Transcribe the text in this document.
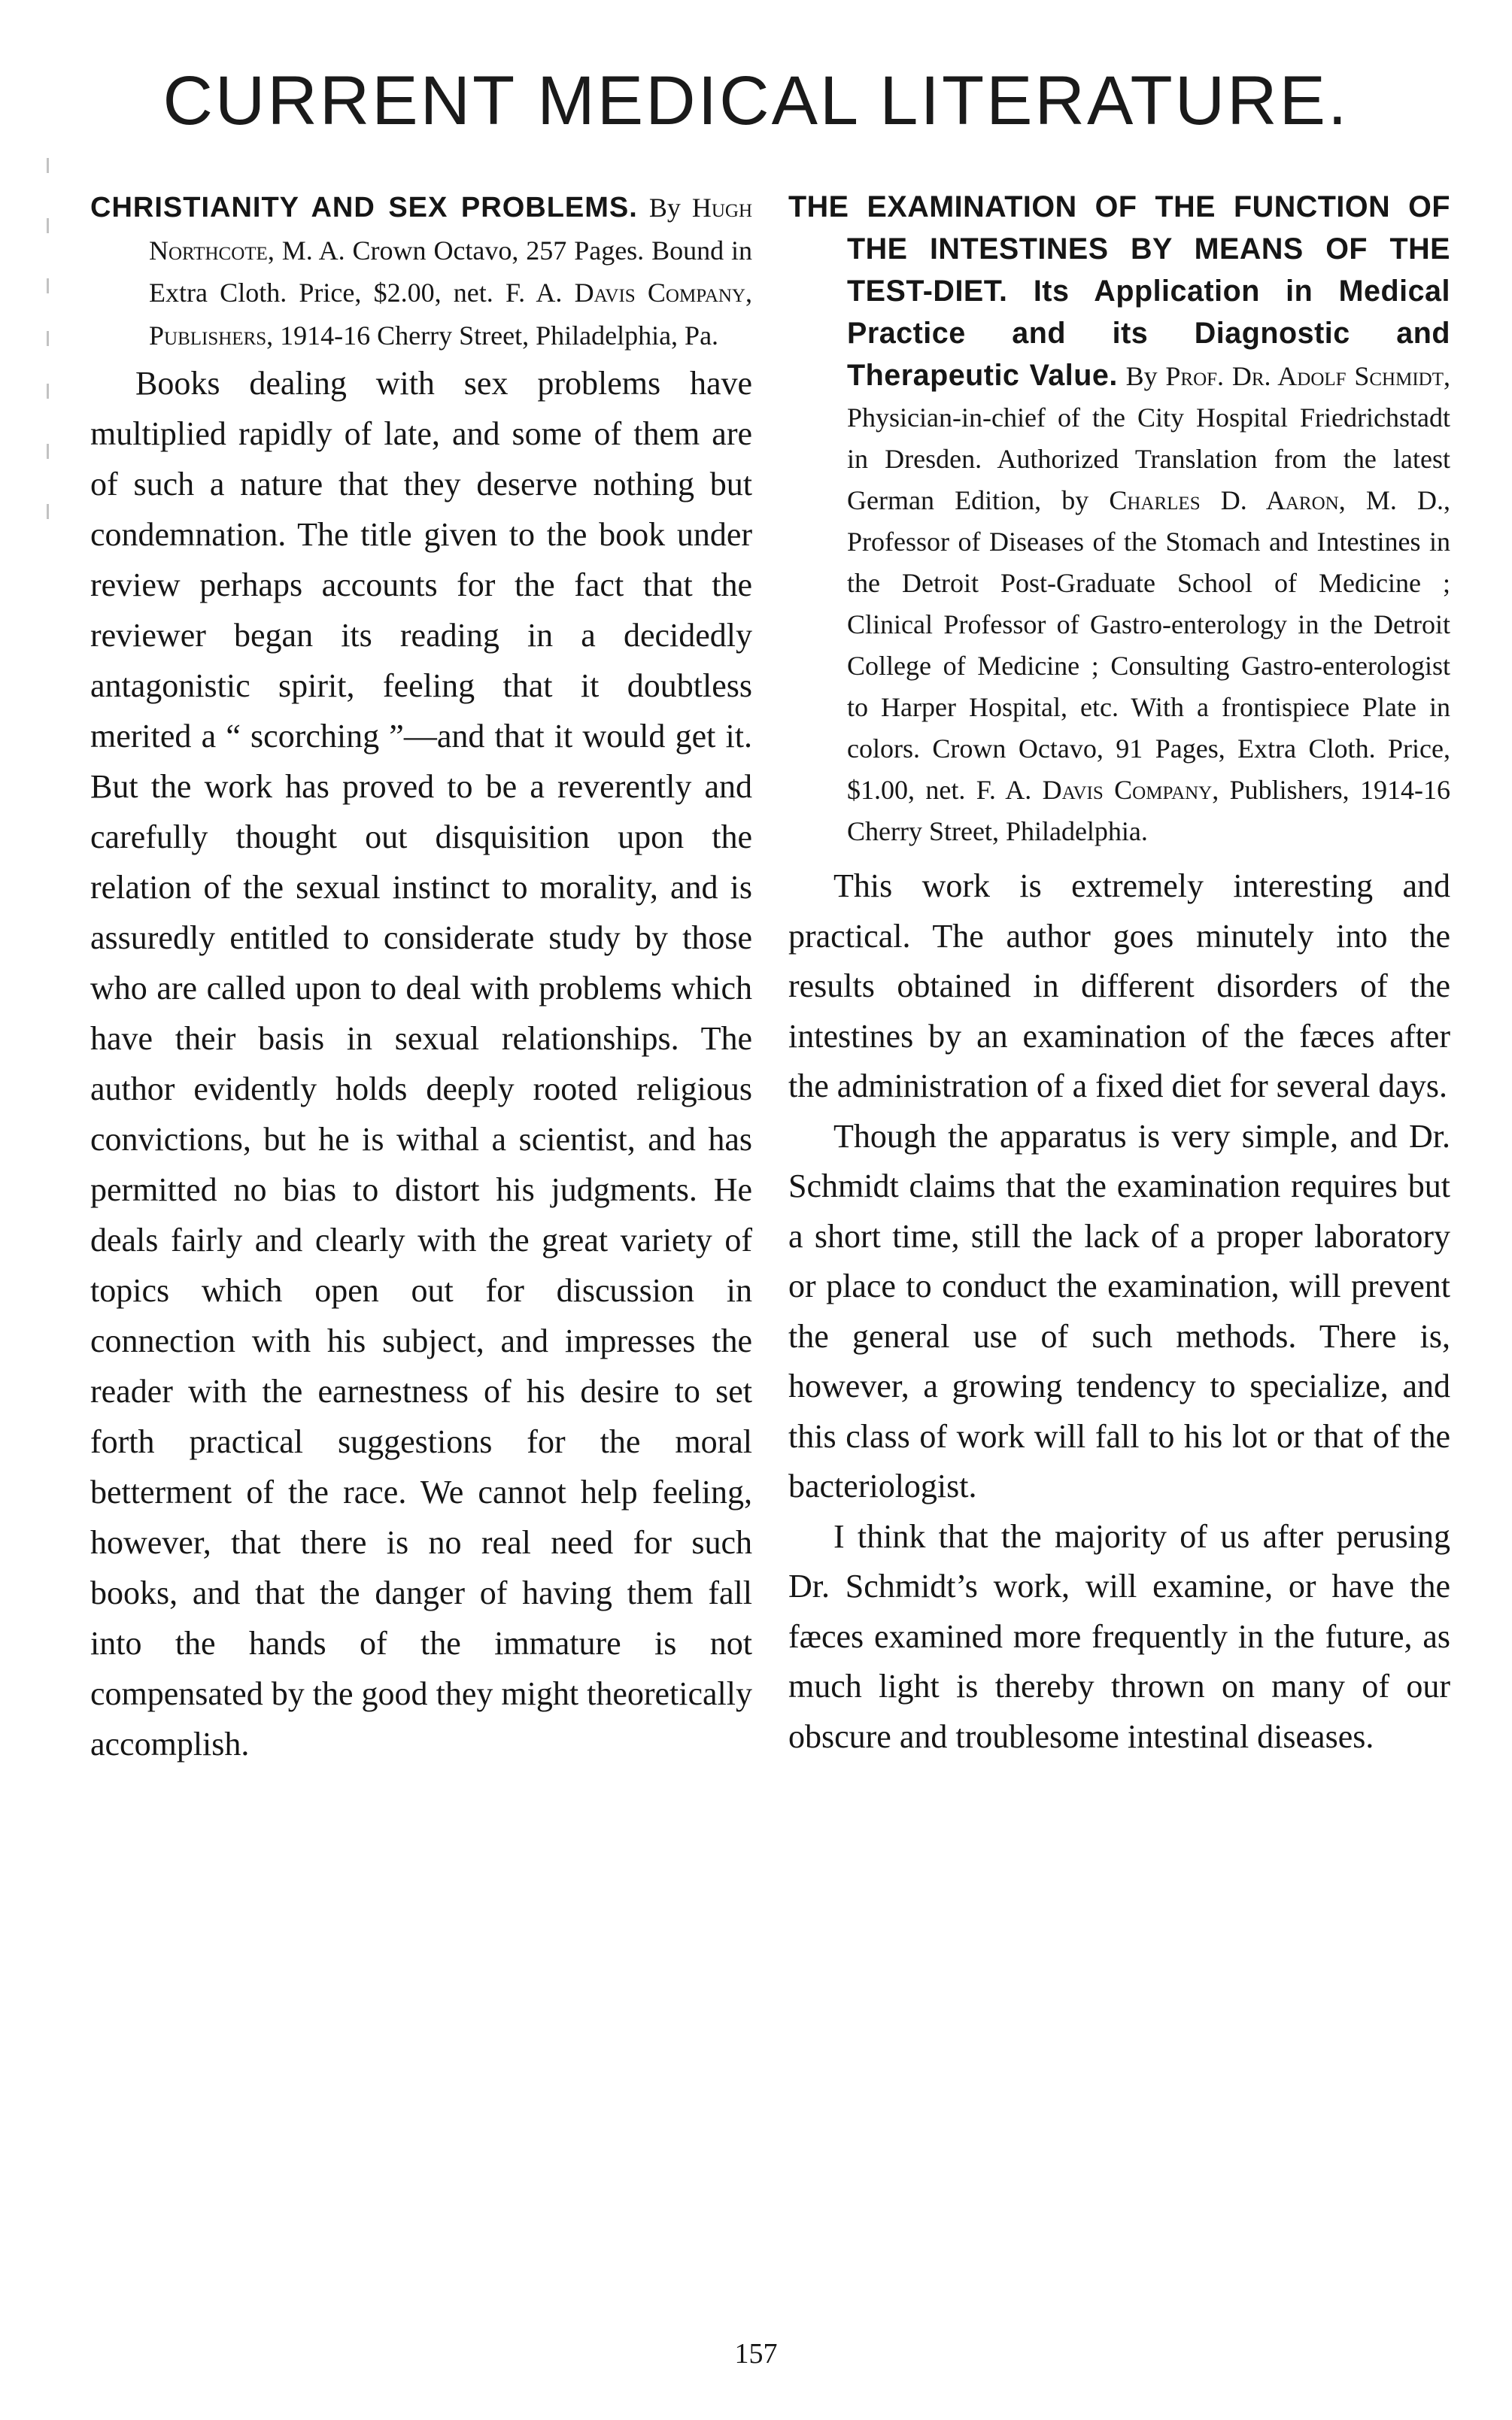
CURRENT MEDICAL LITERATURE.

CHRISTIANITY AND SEX PROBLEMS. By Hugh Northcote, M. A. Crown Octavo, 257 Pages. Bound in Extra Cloth. Price, $2.00, net. F. A. Davis Company, Publishers, 1914-16 Cherry Street, Philadelphia, Pa.

Books dealing with sex problems have multiplied rapidly of late, and some of them are of such a nature that they deserve nothing but condemnation. The title given to the book under review perhaps accounts for the fact that the reviewer began its reading in a decidedly antagonistic spirit, feeling that it doubtless merited a “ scorching ”—and that it would get it. But the work has proved to be a reverently and carefully thought out disquisition upon the relation of the sexual instinct to morality, and is assuredly entitled to considerate study by those who are called upon to deal with problems which have their basis in sexual relationships. The author evidently holds deeply rooted religious convictions, but he is withal a scientist, and has permitted no bias to distort his judgments. He deals fairly and clearly with the great variety of topics which open out for discussion in connection with his subject, and impresses the reader with the earnestness of his desire to set forth practical suggestions for the moral betterment of the race. We cannot help feeling, however, that there is no real need for such books, and that the danger of having them fall into the hands of the immature is not compensated by the good they might theoretically accomplish.

THE EXAMINATION OF THE FUNCTION OF THE INTESTINES BY MEANS OF THE TEST-DIET. Its Application in Medical Practice and its Diagnostic and Therapeutic Value. By Prof. Dr. Adolf Schmidt, Physician-in-chief of the City Hospital Friedrichstadt in Dresden. Authorized Translation from the latest German Edition, by Charles D. Aaron, M. D., Professor of Diseases of the Stomach and Intestines in the Detroit Post-Graduate School of Medicine ; Clinical Professor of Gastro-enterology in the Detroit College of Medicine ; Consulting Gastro-enterologist to Harper Hospital, etc. With a frontispiece Plate in colors. Crown Octavo, 91 Pages, Extra Cloth. Price, $1.00, net. F. A. Davis Company, Publishers, 1914-16 Cherry Street, Philadelphia.

This work is extremely interesting and practical. The author goes minutely into the results obtained in different disorders of the intestines by an examination of the fæces after the administration of a fixed diet for several days.

Though the apparatus is very simple, and Dr. Schmidt claims that the examination requires but a short time, still the lack of a proper laboratory or place to conduct the examination, will prevent the general use of such methods. There is, however, a growing tendency to specialize, and this class of work will fall to his lot or that of the bacteriologist.

I think that the majority of us after perusing Dr. Schmidt’s work, will examine, or have the fæces examined more frequently in the future, as much light is thereby thrown on many of our obscure and troublesome intestinal diseases.

157
